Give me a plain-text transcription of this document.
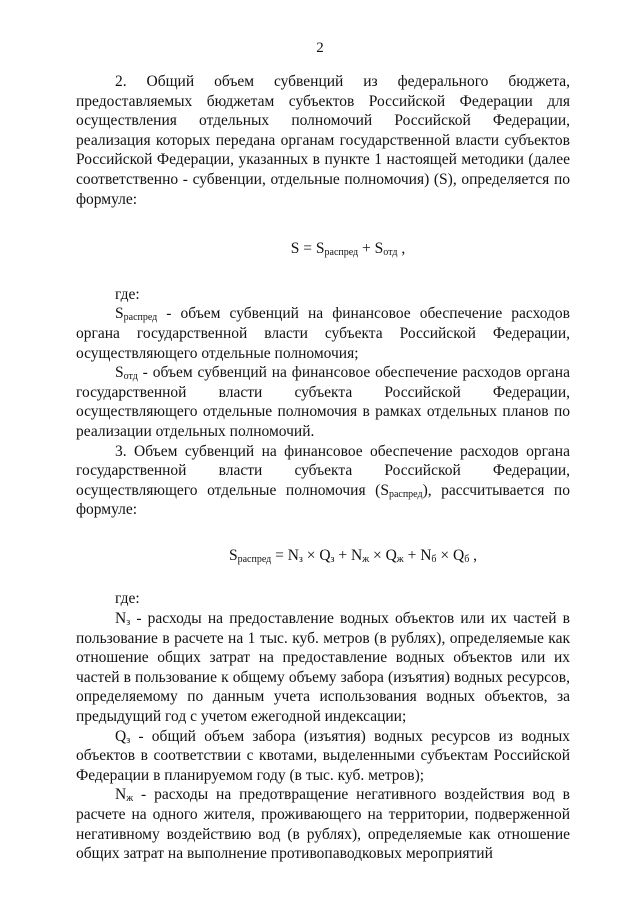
2

2. Общий объем субвенций из федерального бюджета, предоставляемых бюджетам субъектов Российской Федерации для осуществления отдельных полномочий Российской Федерации, реализация которых передана органам государственной власти субъектов Российской Федерации, указанных в пункте 1 настоящей методики (далее соответственно - субвенции, отдельные полномочия) (S), определяется по формуле:

$S = S_{распред} + S_{отд}$ ,

где:

$S_{распред}$ - объем субвенций на финансовое обеспечение расходов органа государственной власти субъекта Российской Федерации, осуществляющего отдельные полномочия;

$S_{отд}$ - объем субвенций на финансовое обеспечение расходов органа государственной власти субъекта Российской Федерации, осуществляющего отдельные полномочия в рамках отдельных планов по реализации отдельных полномочий.

3. Объем субвенций на финансовое обеспечение расходов органа государственной власти субъекта Российской Федерации, осуществляющего отдельные полномочия $(S_{распред})$, рассчитывается по формуле:

$S_{распред} = N_з \times Q_з + N_ж \times Q_ж + N_б \times Q_б$ ,

где:

$N_з$ - расходы на предоставление водных объектов или их частей в пользование в расчете на 1 тыс. куб. метров (в рублях), определяемые как отношение общих затрат на предоставление водных объектов или их частей в пользование к общему объему забора (изъятия) водных ресурсов, определяемому по данным учета использования водных объектов, за предыдущий год с учетом ежегодной индексации;

$Q_з$ - общий объем забора (изъятия) водных ресурсов из водных объектов в соответствии с квотами, выделенными субъектам Российской Федерации в планируемом году (в тыс. куб. метров);

$N_ж$ - расходы на предотвращение негативного воздействия вод в расчете на одного жителя, проживающего на территории, подверженной негативному воздействию вод (в рублях), определяемые как отношение общих затрат на выполнение противопаводковых мероприятий
